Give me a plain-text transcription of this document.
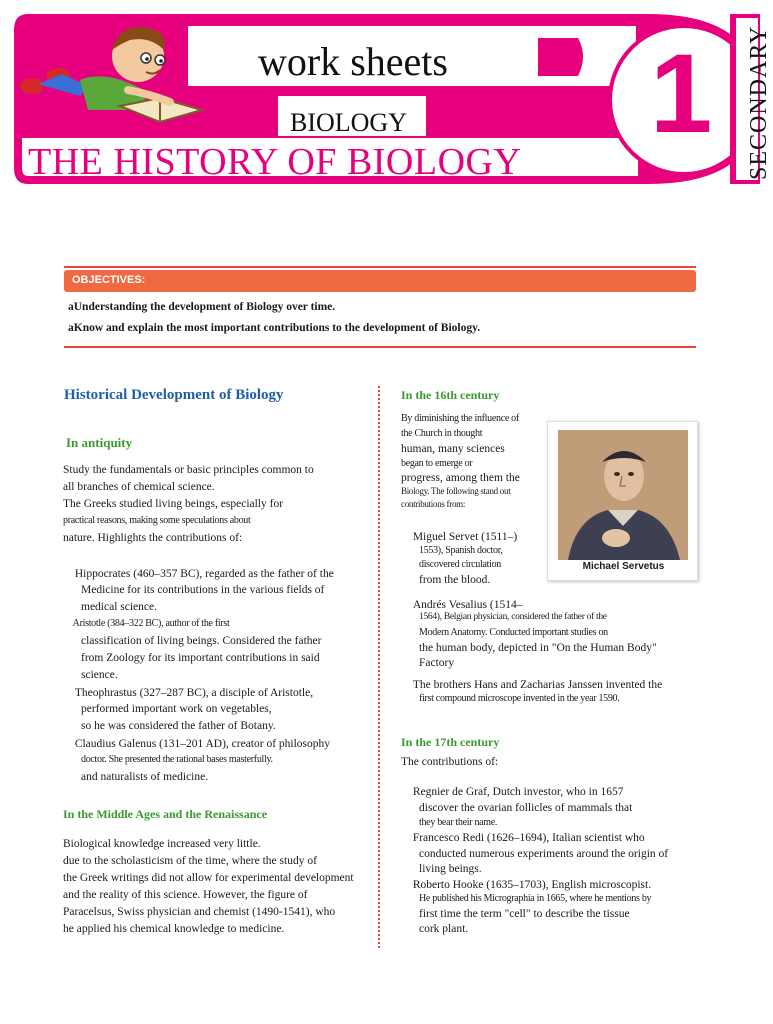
work sheets
BIOLOGY
THE HISTORY OF BIOLOGY
1 SECONDARY
OBJECTIVES:
aUnderstanding the development of Biology over time.
aKnow and explain the most important contributions to the development of Biology.
Historical Development of Biology
In antiquity
Study the fundamentals or basic principles common to
all branches of chemical science.
The Greeks studied living beings, especially for
practical reasons, making some speculations about
nature. Highlights the contributions of:
Hippocrates (460–357 BC), regarded as the father of the
Medicine for its contributions in the various fields of
medical science.
Aristotle (384–322 BC), author of the first
classification of living beings. Considered the father
from Zoology for its important contributions in said
science.
Theophrastus (327–287 BC), a disciple of Aristotle,
performed important work on vegetables,
so he was considered the father of Botany.
Claudius Galenus (131–201 AD), creator of philosophy
doctor. She presented the rational bases masterfully.
and naturalists of medicine.
In the Middle Ages and the Renaissance
Biological knowledge increased very little.
due to the scholasticism of the time, where the study of
the Greek writings did not allow for experimental development
and the reality of this science. However, the figure of
Paracelsus, Swiss physician and chemist (1490-1541), who
he applied his chemical knowledge to medicine.
In the 16th century
By diminishing the influence of
the Church in thought
human, many sciences
began to emerge or
progress, among them the
Biology. The following stand out
contributions from:
Miguel Servet (1511–)
1553), Spanish doctor,
discovered circulation
from the blood.
Andrés Vesalius (1514–
1564), Belgian physician, considered the father of the
Modern Anatomy. Conducted important studies on
the human body, depicted in "On the Human Body"
Factory
The brothers Hans and Zacharias Janssen invented the
first compound microscope invented in the year 1590.
Michael Servetus
In the 17th century
The contributions of:
Regnier de Graf, Dutch investor, who in 1657
discover the ovarian follicles of mammals that
they bear their name.
Francesco Redi (1626–1694), Italian scientist who
conducted numerous experiments around the origin of
living beings.
Roberto Hooke (1635–1703), English microscopist.
He published his Micrographia in 1665, where he mentions by
first time the term "cell" to describe the tissue
cork plant.
